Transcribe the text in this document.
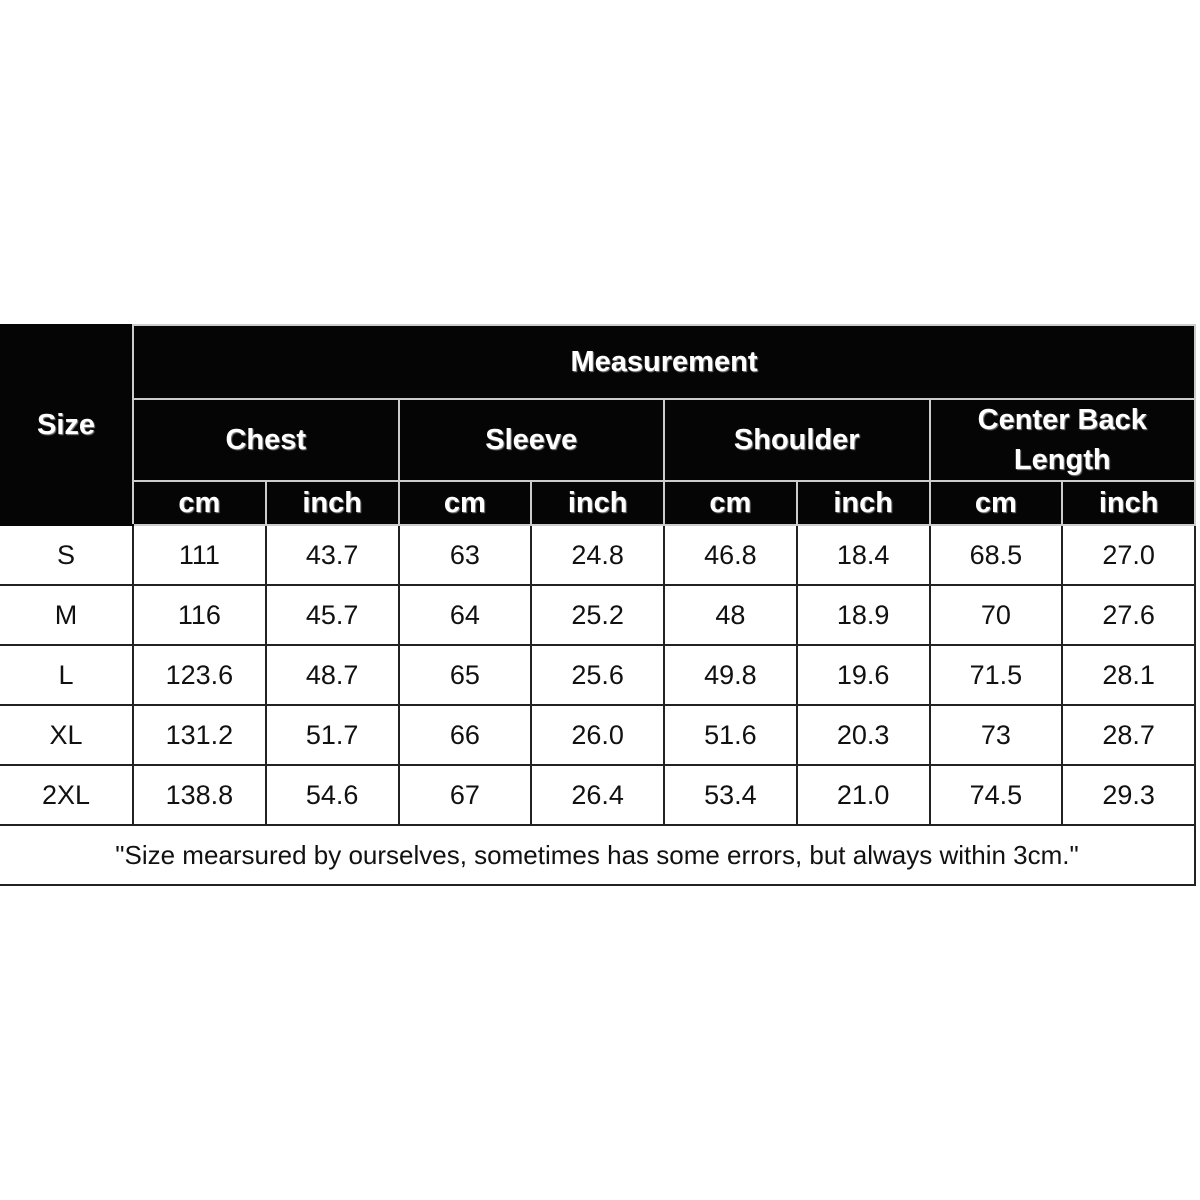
Size	Measurement							
	Chest		Sleeve		Shoulder		Center Back Length	
	cm	inch	cm	inch	cm	inch	cm	inch
S	111	43.7	63	24.8	46.8	18.4	68.5	27.0
M	116	45.7	64	25.2	48	18.9	70	27.6
L	123.6	48.7	65	25.6	49.8	19.6	71.5	28.1
XL	131.2	51.7	66	26.0	51.6	20.3	73	28.7
2XL	138.8	54.6	67	26.4	53.4	21.0	74.5	29.3
"Size mearsured by ourselves, sometimes has some errors, but always within 3cm."								
